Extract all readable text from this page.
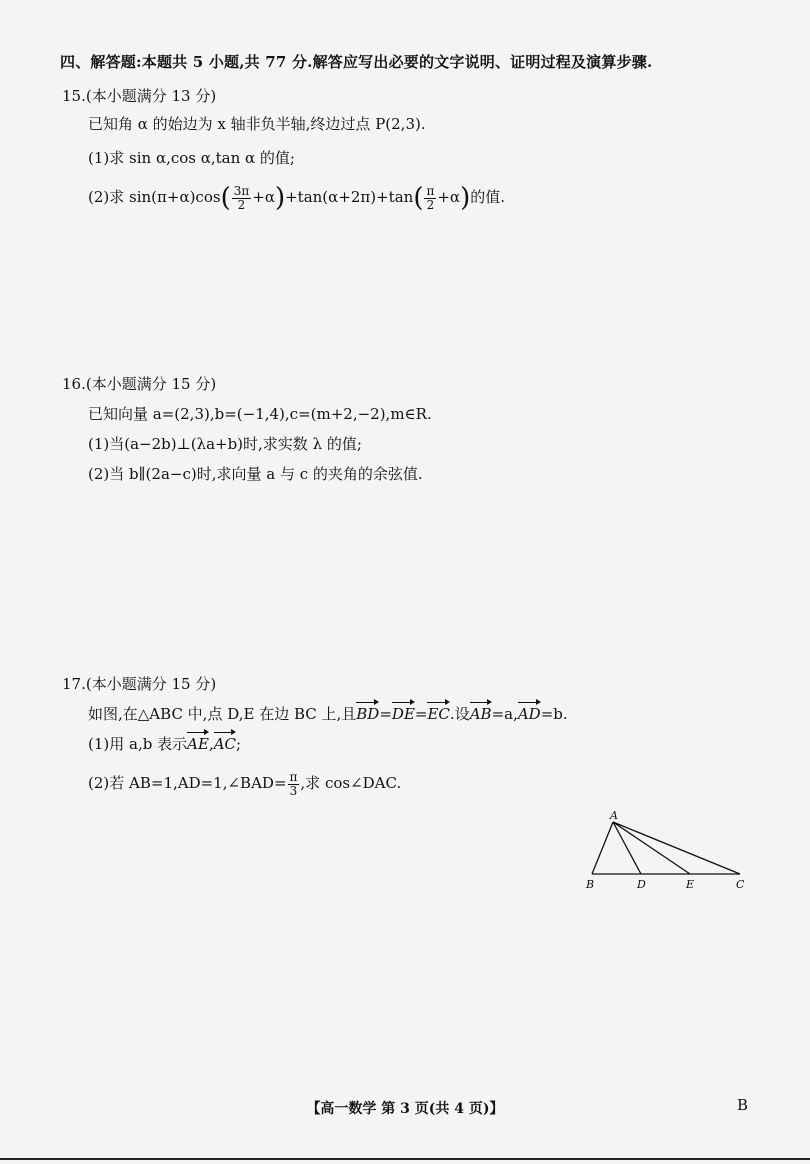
四、解答题:本题共 5 小题,共 77 分.解答应写出必要的文字说明、证明过程及演算步骤.
15.(本小题满分 13 分)
已知角 α 的始边为 x 轴非负半轴,终边过点 P(2,3).
(1)求 sin α,cos α,tan α 的值;
(2)求 $\sin(\pi+\alpha)\cos( \frac{3\pi}{2} +\alpha)+\tan(\alpha+2\pi)+\tan( \frac{\pi}{2} +\alpha)$的值.
16.(本小题满分 15 分)
已知向量 a=(2,3),b=(−1,4),c=(m+2,−2),m∈R.
(1)当(a−2b)⊥(λa+b)时,求实数 λ 的值;
(2)当 b∥(2a−c)时,求向量 a 与 c 的夹角的余弦值.
17.(本小题满分 15 分)
如图,在△ABC 中,点 D,E 在边 BC 上,且BD=DE=EC.设AB=a,AD=b.
(1)用 a,b 表示AE,AC;
(2)若 AB=1,AD=1,∠BAD= $\frac{\pi}{3}$ ,求 cos∠DAC.
A
B	D	E	C
【高一数学 第 3 页(共 4 页)】	B
